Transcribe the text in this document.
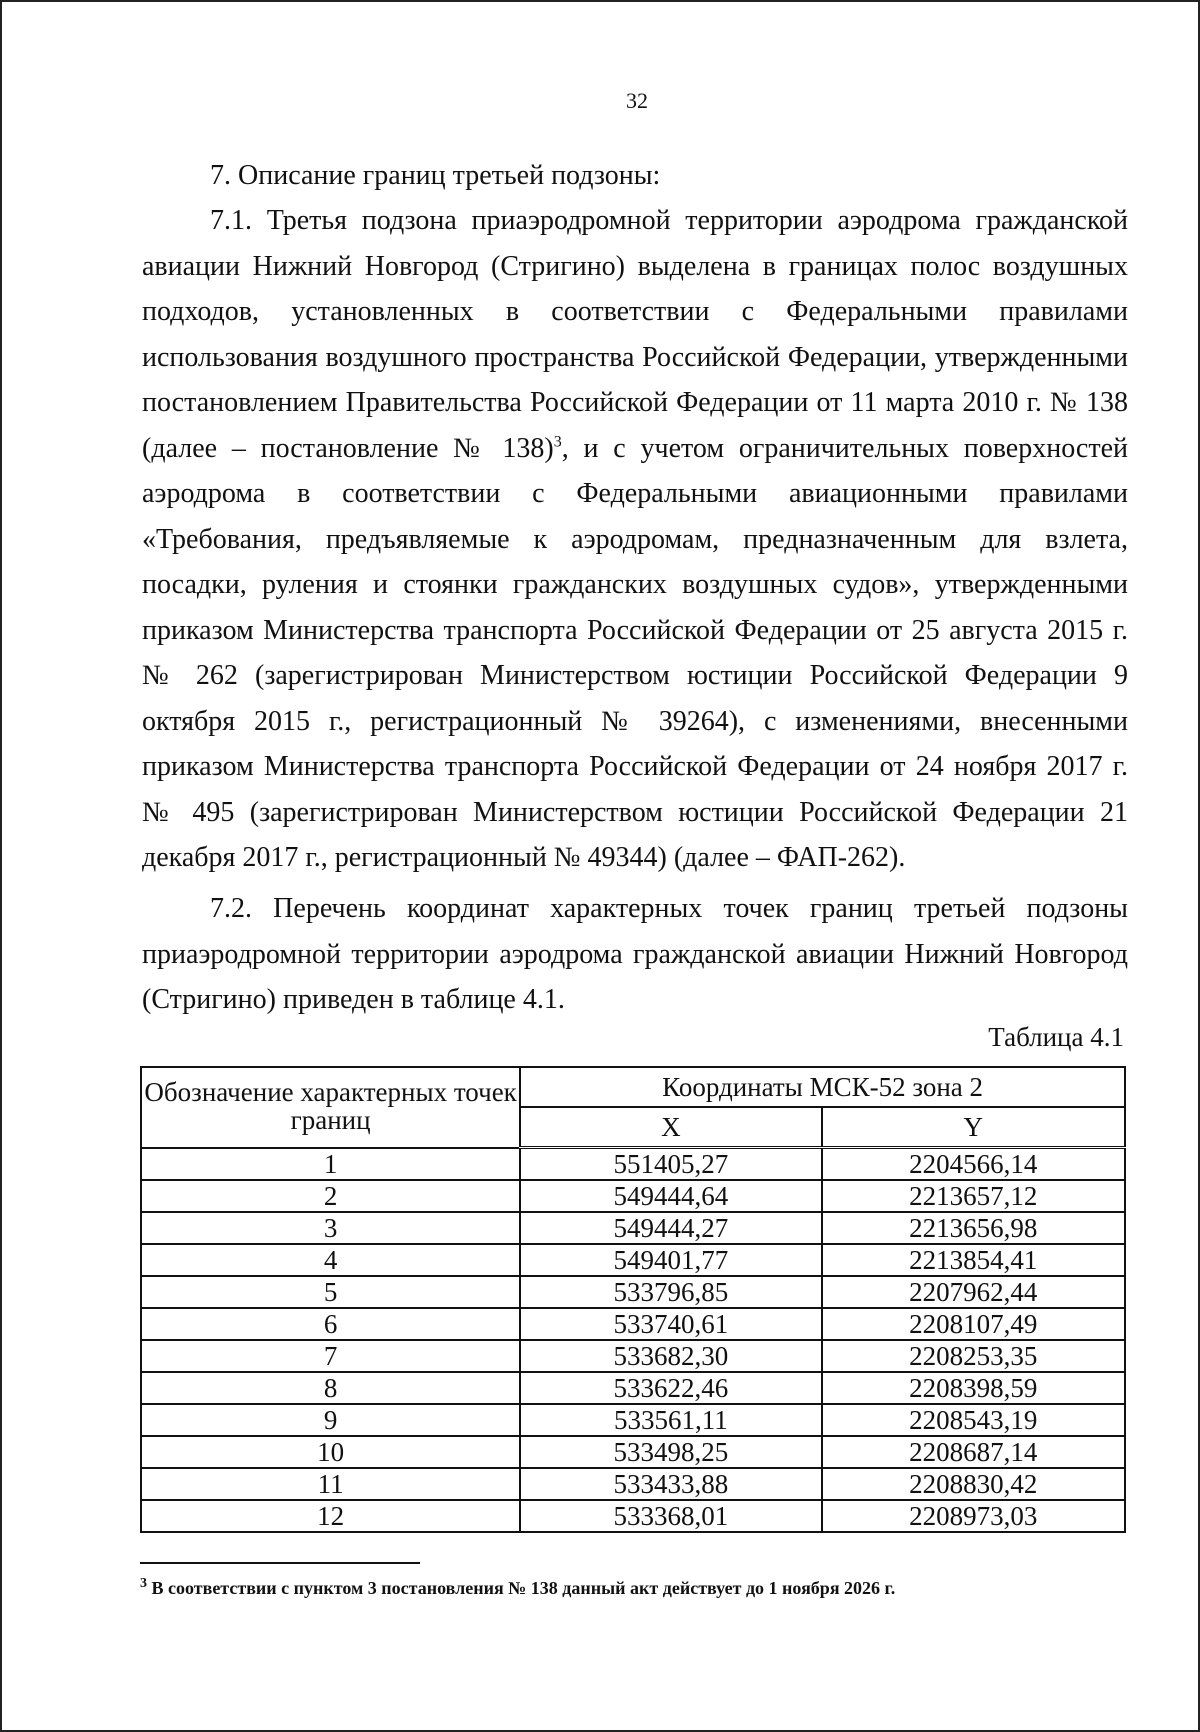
32
7. Описание границ третьей подзоны:

7.1. Третья подзона приаэродромной территории аэродрома гражданской авиации Нижний Новгород (Стригино) выделена в границах полос воздушных подходов, установленных в соответствии с Федеральными правилами использования воздушного пространства Российской Федерации, утвержденными постановлением Правительства Российской Федерации от 11 марта 2010 г. № 138 (далее – постановление № 138)$^3$, и с учетом ограничительных поверхностей аэродрома в соответствии с Федеральными авиационными правилами «Требования, предъявляемые к аэродромам, предназначенным для взлета, посадки, руления и стоянки гражданских воздушных судов», утвержденными приказом Министерства транспорта Российской Федерации от 25 августа 2015 г. № 262 (зарегистрирован Министерством юстиции Российской Федерации 9 октября 2015 г., регистрационный № 39264), с изменениями, внесенными приказом Министерства транспорта Российской Федерации от 24 ноября 2017 г. № 495 (зарегистрирован Министерством юстиции Российской Федерации 21 декабря 2017 г., регистрационный № 49344) (далее – ФАП-262).

7.2. Перечень координат характерных точек границ третьей подзоны приаэродромной территории аэродрома гражданской авиации Нижний Новгород (Стригино) приведен в таблице 4.1.

Таблица 4.1
Обозначение характерных точек границ	Координаты МСК-52 зона 2	
	X	Y
1	551405,27	2204566,14
2	549444,64	2213657,12
3	549444,27	2213656,98
4	549401,77	2213854,41
5	533796,85	2207962,44
6	533740,61	2208107,49
7	533682,30	2208253,35
8	533622,46	2208398,59
9	533561,11	2208543,19
10	533498,25	2208687,14
11	533433,88	2208830,42
12	533368,01	2208973,03
$^3$ В соответствии с пунктом 3 постановления № 138 данный акт действует до 1 ноября 2026 г.
